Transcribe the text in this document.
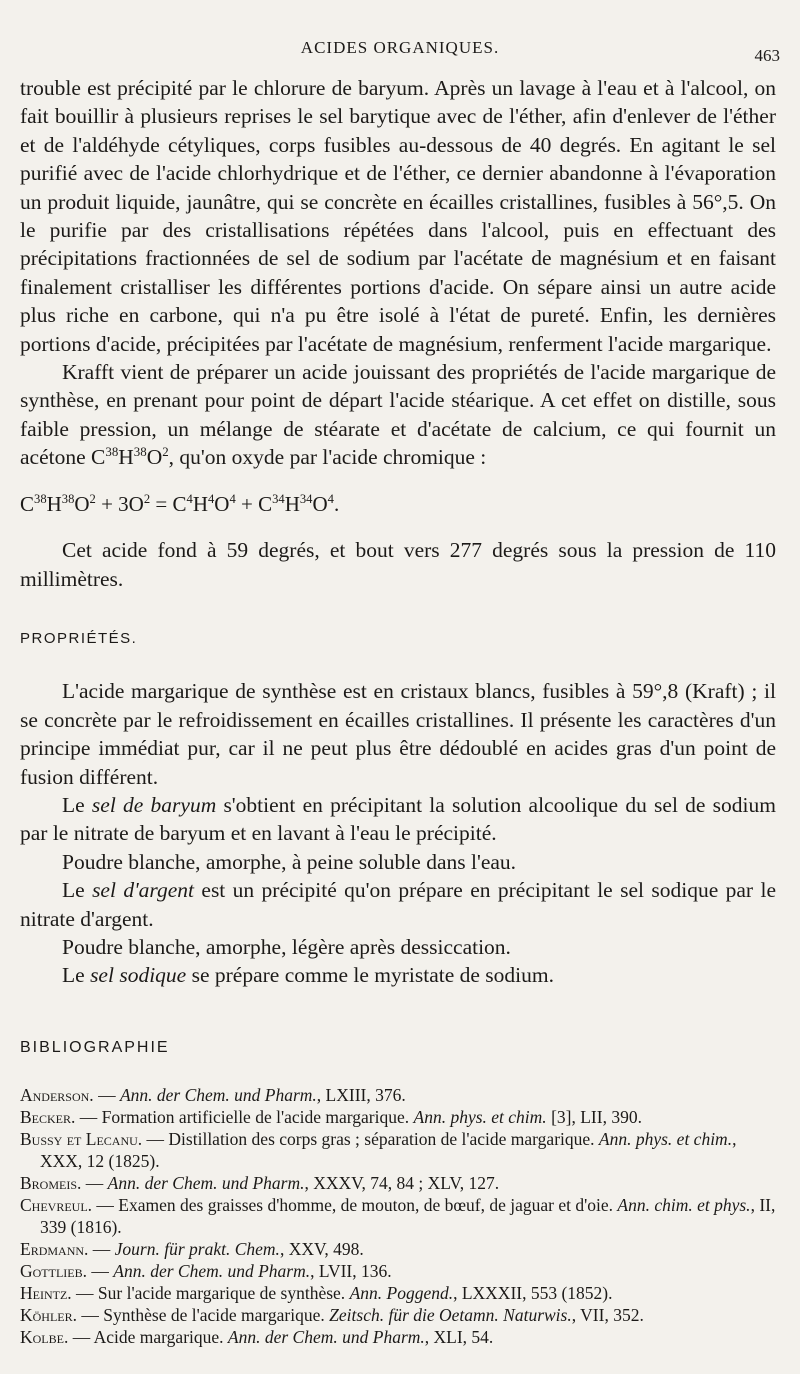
ACIDES ORGANIQUES.	463

trouble est précipité par le chlorure de baryum. Après un lavage à l'eau et à l'alcool, on fait bouillir à plusieurs reprises le sel barytique avec de l'éther, afin d'enlever de l'éther et de l'aldéhyde cétyliques, corps fusibles au-dessous de 40 degrés. En agitant le sel purifié avec de l'acide chlorhydrique et de l'éther, ce dernier abandonne à l'évaporation un produit liquide, jaunâtre, qui se concrète en écailles cristallines, fusibles à 56°,5. On le purifie par des cristallisations répétées dans l'alcool, puis en effectuant des précipitations fractionnées de sel de sodium par l'acétate de magnésium et en faisant finalement cristalliser les différentes portions d'acide. On sépare ainsi un autre acide plus riche en carbone, qui n'a pu être isolé à l'état de pureté. Enfin, les dernières portions d'acide, précipitées par l'acétate de magnésium, renferment l'acide margarique.

Krafft vient de préparer un acide jouissant des propriétés de l'acide margarique de synthèse, en prenant pour point de départ l'acide stéarique. A cet effet on distille, sous faible pression, un mélange de stéarate et d'acétate de calcium, ce qui fournit un acétone $C^{38}H^{38}O^2$, qu'on oxyde par l'acide chromique :

$C^{38}H^{38}O^2 + 3O^2 = C^4H^4O^4 + C^{34}H^{34}O^4$.

Cet acide fond à 59 degrés, et bout vers 277 degrés sous la pression de 110 millimètres.

PROPRIÉTÉS.

L'acide margarique de synthèse est en cristaux blancs, fusibles à 59°,8 (Kraft) ; il se concrète par le refroidissement en écailles cristallines. Il présente les caractères d'un principe immédiat pur, car il ne peut plus être dédoublé en acides gras d'un point de fusion différent.

Le sel de baryum s'obtient en précipitant la solution alcoolique du sel de sodium par le nitrate de baryum et en lavant à l'eau le précipité.

Poudre blanche, amorphe, à peine soluble dans l'eau.

Le sel d'argent est un précipité qu'on prépare en précipitant le sel sodique par le nitrate d'argent.

Poudre blanche, amorphe, légère après dessiccation.

Le sel sodique se prépare comme le myristate de sodium.

BIBLIOGRAPHIE

Anderson. — Ann. der Chem. und Pharm., LXIII, 376.

Becker. — Formation artificielle de l'acide margarique. Ann. phys. et chim. [3], LII, 390.

Bussy et Lecanu. — Distillation des corps gras ; séparation de l'acide margarique. Ann. phys. et chim., XXX, 12 (1825).

Bromeis. — Ann. der Chem. und Pharm., XXXV, 74, 84 ; XLV, 127.

Chevreul. — Examen des graisses d'homme, de mouton, de bœuf, de jaguar et d'oie. Ann. chim. et phys., II, 339 (1816).

Erdmann. — Journ. für prakt. Chem., XXV, 498.

Gottlieb. — Ann. der Chem. und Pharm., LVII, 136.

Heintz. — Sur l'acide margarique de synthèse. Ann. Poggend., LXXXII, 553 (1852).

Köhler. — Synthèse de l'acide margarique. Zeitsch. für die Oetamn. Naturwis., VII, 352.

Kolbe. — Acide margarique. Ann. der Chem. und Pharm., XLI, 54.
